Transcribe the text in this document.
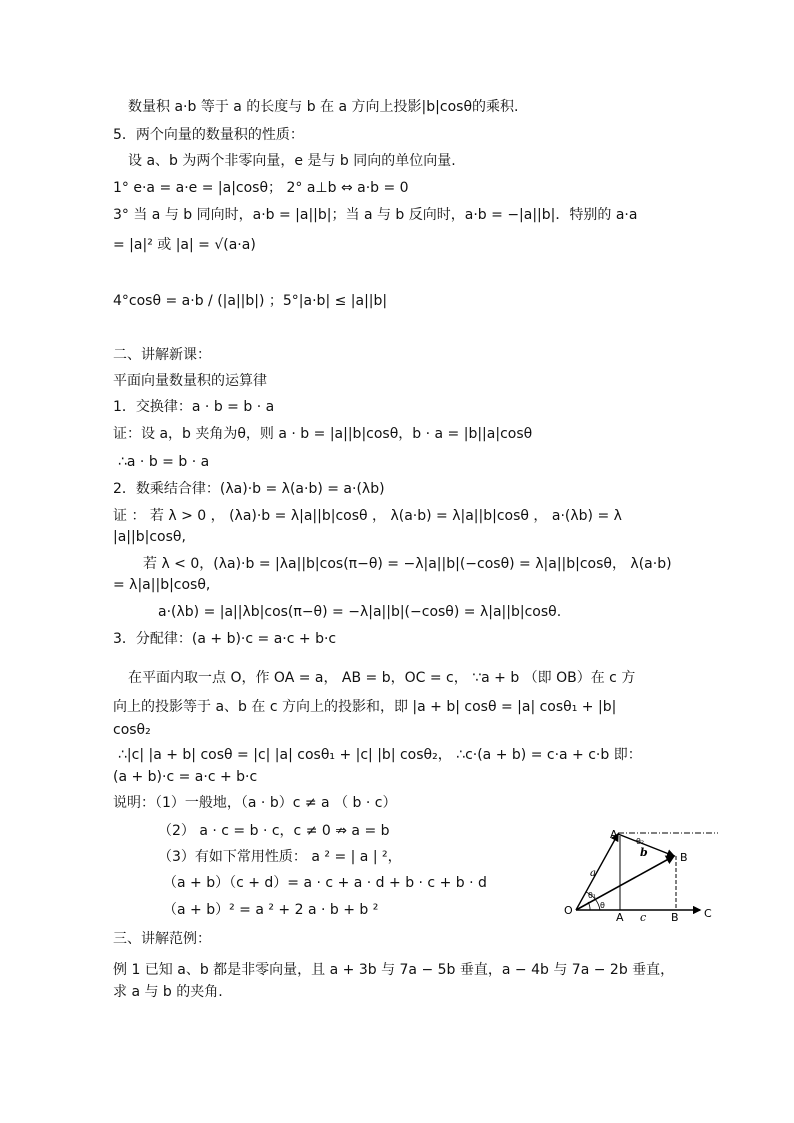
数量积 a·b 等于 a 的长度与 b 在 a 方向上投影|b|cosθ的乘积.
5．两个向量的数量积的性质：
设 a、b 为两个非零向量，e 是与 b 同向的单位向量.
1° e·a = a·e = |a|cosθ； 2° a⊥b ⇔ a·b = 0
3° 当 a 与 b 同向时，a·b = |a||b|；当 a 与 b 反向时，a·b = −|a||b|．特别的 a·a
= |a|² 或 |a| = √(a·a)
4°cosθ = a·b / (|a||b|) ；5°|a·b| ≤ |a||b|
二、讲解新课：
平面向量数量积的运算律
1．交换律：a · b = b · a
证：设 a，b 夹角为θ，则 a · b = |a||b|cosθ，b · a = |b||a|cosθ
∴a · b = b · a
2．数乘结合律：(λa)·b = λ(a·b) = a·(λb)
证 ： 若 λ > 0 ， (λa)·b = λ|a||b|cosθ ， λ(a·b) = λ|a||b|cosθ ， a·(λb) = λ
|a||b|cosθ,
若 λ < 0，(λa)·b = |λa||b|cos(π−θ) = −λ|a||b|(−cosθ) = λ|a||b|cosθ， λ(a·b)
= λ|a||b|cosθ,
a·(λb) = |a||λb|cos(π−θ) = −λ|a||b|(−cosθ) = λ|a||b|cosθ.
3．分配律：(a + b)·c = a·c + b·c
在平面内取一点 O，作 OA = a， AB = b，OC = c， ∵a + b （即 OB）在 c 方
向上的投影等于 a、b 在 c 方向上的投影和，即 |a + b| cosθ = |a| cosθ₁ + |b|
cosθ₂
∴|c| |a + b| cosθ = |c| |a| cosθ₁ + |c| |b| cosθ₂， ∴c·(a + b) = c·a + c·b 即：
(a + b)·c = a·c + b·c
说明：（1）一般地，（a · b）c ≠ a （ b · c）
（2） a · c = b · c，c ≠ 0 ⇏ a = b
（3）有如下常用性质： a ² = | a | ²，
（a + b）（c + d）= a · c + a · d + b · c + b · d
（a + b）² = a ² + 2 a · b + b ²
三、讲解范例：
例 1 已知 a、b 都是非零向量，且 a + 3b 与 7a − 5b 垂直，a − 4b 与 7a − 2b 垂直，
求 a 与 b 的夹角.
A
B
O
A c B C
a
b
θ
θ₁
θ₂
